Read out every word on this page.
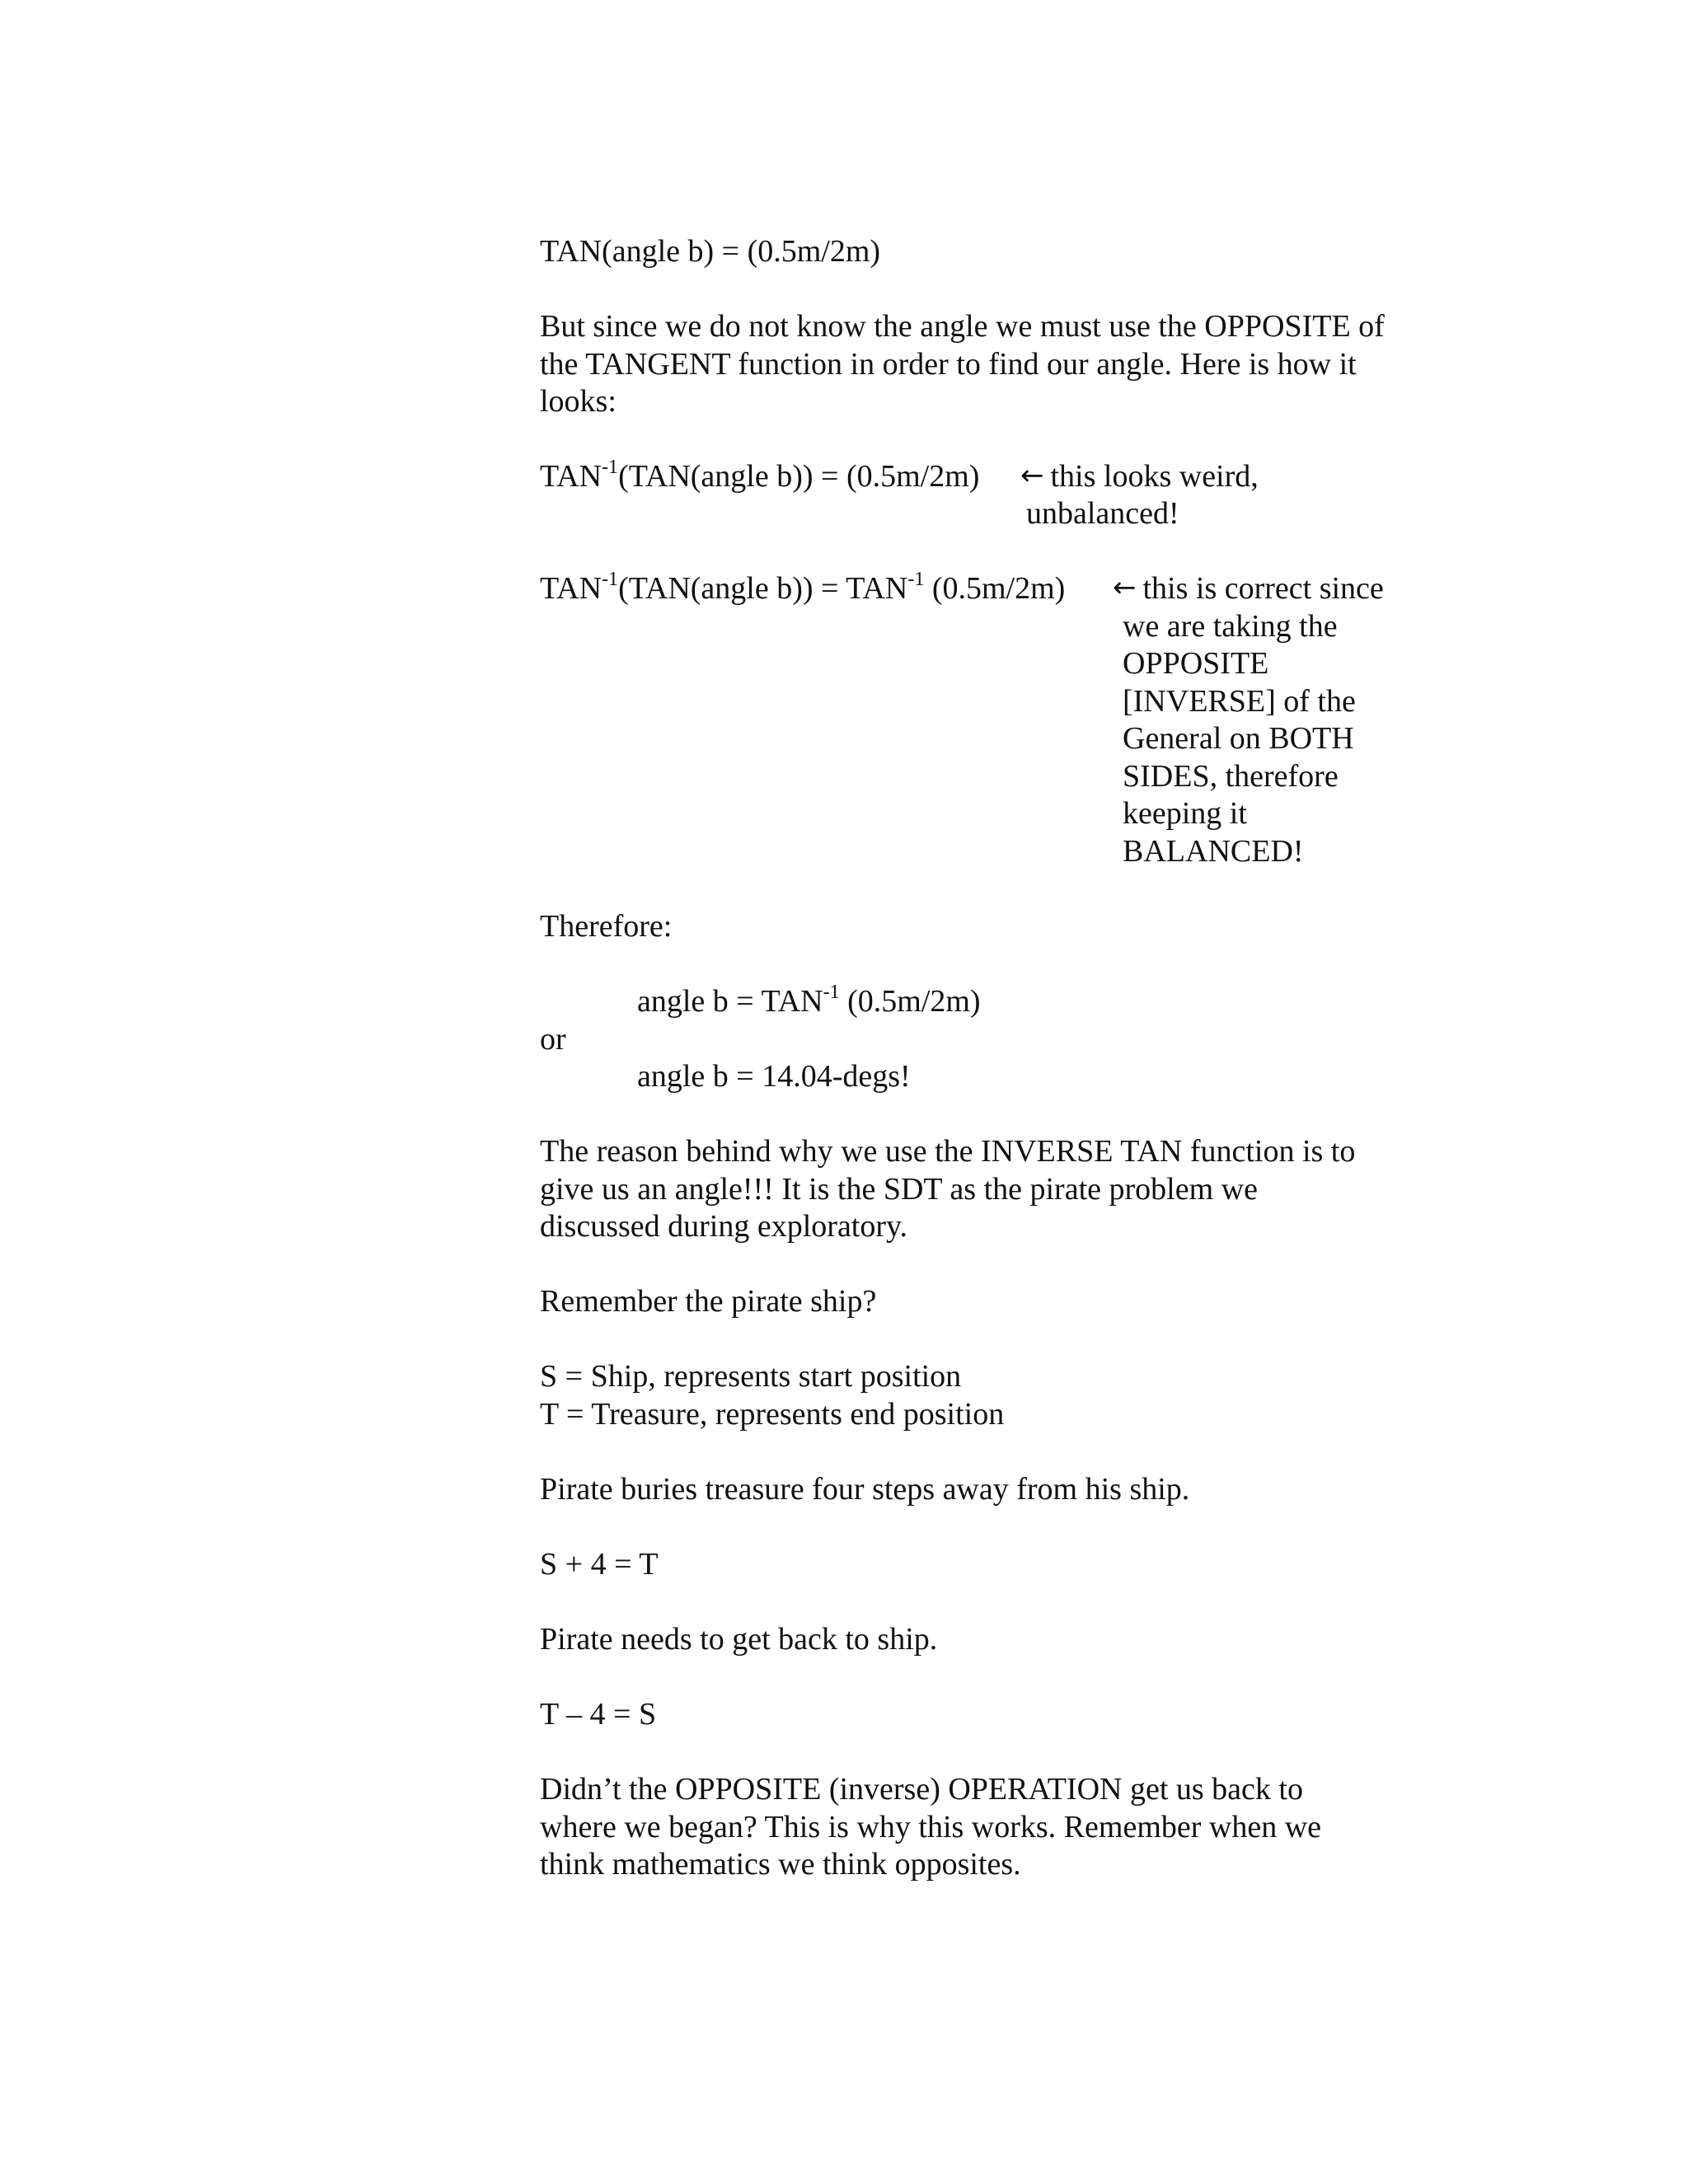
TAN(angle b) = (0.5m/2m)
But since we do not know the angle we must use the OPPOSITE of
the TANGENT function in order to find our angle. Here is how it
looks:
$TAN^{-1}(TAN(angle$ b)) = (0.5m/2m) ← this looks weird,
unbalanced!
$TAN^{-1}(TAN(angle$ $b)) = TAN^{-1}$ (0.5m/2m) ← this is correct since
we are taking the
OPPOSITE
[INVERSE] of the
General on BOTH
SIDES, therefore
keeping it
BALANCED!
Therefore:
angle $b = TAN^{-1}$ (0.5m/2m)
or
angle b = 14.04-degs!
The reason behind why we use the INVERSE TAN function is to
give us an angle!!! It is the SDT as the pirate problem we
discussed during exploratory.
Remember the pirate ship?
S = Ship, represents start position
T = Treasure, represents end position
Pirate buries treasure four steps away from his ship.
S + 4 = T
Pirate needs to get back to ship.
T – 4 = S
Didn’t the OPPOSITE (inverse) OPERATION get us back to
where we began? This is why this works. Remember when we
think mathematics we think opposites.
